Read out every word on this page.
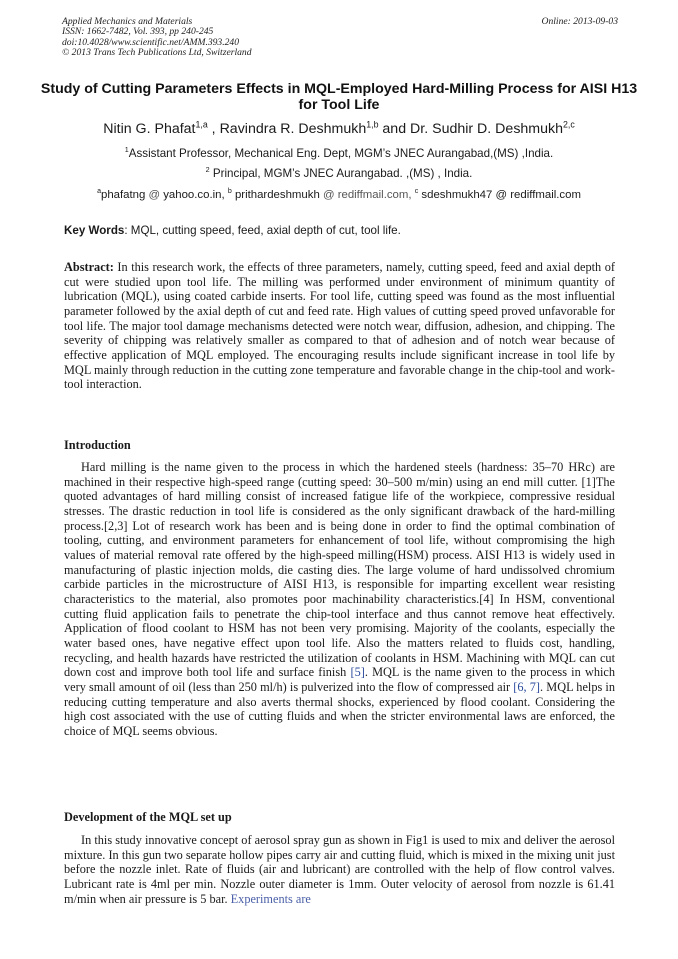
Applied Mechanics and Materials	Online: 2013-09-03
ISSN: 1662-7482, Vol. 393, pp 240-245
doi:10.4028/www.scientific.net/AMM.393.240
© 2013 Trans Tech Publications Ltd, Switzerland
Study of Cutting Parameters Effects in MQL-Employed Hard-Milling Process for AISI H13 for Tool Life
Nitin G. Phafat$^{1,a}$ , Ravindra R. Deshmukh$^{1,b}$ and Dr. Sudhir D. Deshmukh$^{2,c}$
$^1$Assistant Professor, Mechanical Eng. Dept, MGM’s JNEC Aurangabad,(MS) ,India.
$^2$ Principal, MGM’s JNEC Aurangabad. ,(MS) , India.
$^a$phafatng @ yahoo.co.in, $^b$ prithardeshmukh @ rediffmail.com, $^c$ sdeshmukh47 @ rediffmail.com
Key Words: MQL, cutting speed, feed, axial depth of cut, tool life.
Abstract: In this research work, the effects of three parameters, namely, cutting speed, feed and axial depth of cut were studied upon tool life. The milling was performed under environment of minimum quantity of lubrication (MQL), using coated carbide inserts. For tool life, cutting speed was found as the most influential parameter followed by the axial depth of cut and feed rate. High values of cutting speed proved unfavorable for tool life. The major tool damage mechanisms detected were notch wear, diffusion, adhesion, and chipping. The severity of chipping was relatively smaller as compared to that of adhesion and of notch wear because of effective application of MQL employed. The encouraging results include significant increase in tool life by MQL mainly through reduction in the cutting zone temperature and favorable change in the chip-tool and work-tool interaction.
Introduction
Hard milling is the name given to the process in which the hardened steels (hardness: 35–70 HRc) are machined in their respective high-speed range (cutting speed: 30–500 m/min) using an end mill cutter. [1]The quoted advantages of hard milling consist of increased fatigue life of the workpiece, compressive residual stresses. The drastic reduction in tool life is considered as the only significant drawback of the hard-milling process.[2,3] Lot of research work has been and is being done in order to find the optimal combination of tooling, cutting, and environment parameters for enhancement of tool life, without compromising the high values of material removal rate offered by the high-speed milling(HSM) process. AISI H13 is widely used in manufacturing of plastic injection molds, die casting dies. The large volume of hard undissolved chromium carbide particles in the microstructure of AISI H13, is responsible for imparting excellent wear resisting characteristics to the material, also promotes poor machinability characteristics.[4] In HSM, conventional cutting fluid application fails to penetrate the chip-tool interface and thus cannot remove heat effectively. Application of flood coolant to HSM has not been very promising. Majority of the coolants, especially the water based ones, have negative effect upon tool life. Also the matters related to fluids cost, handling, recycling, and health hazards have restricted the utilization of coolants in HSM. Machining with MQL can cut down cost and improve both tool life and surface finish [5]. MQL is the name given to the process in which very small amount of oil (less than 250 ml/h) is pulverized into the flow of compressed air [6, 7]. MQL helps in reducing cutting temperature and also averts thermal shocks, experienced by flood coolant. Considering the high cost associated with the use of cutting fluids and when the stricter environmental laws are enforced, the choice of MQL seems obvious.
Development of the MQL set up
In this study innovative concept of aerosol spray gun as shown in Fig1 is used to mix and deliver the aerosol mixture. In this gun two separate hollow pipes carry air and cutting fluid, which is mixed in the mixing unit just before the nozzle inlet. Rate of fluids (air and lubricant) are controlled with the help of flow control valves. Lubricant rate is 4ml per min. Nozzle outer diameter is 1mm. Outer velocity of aerosol from nozzle is 61.41 m/min when air pressure is 5 bar. Experiments are
